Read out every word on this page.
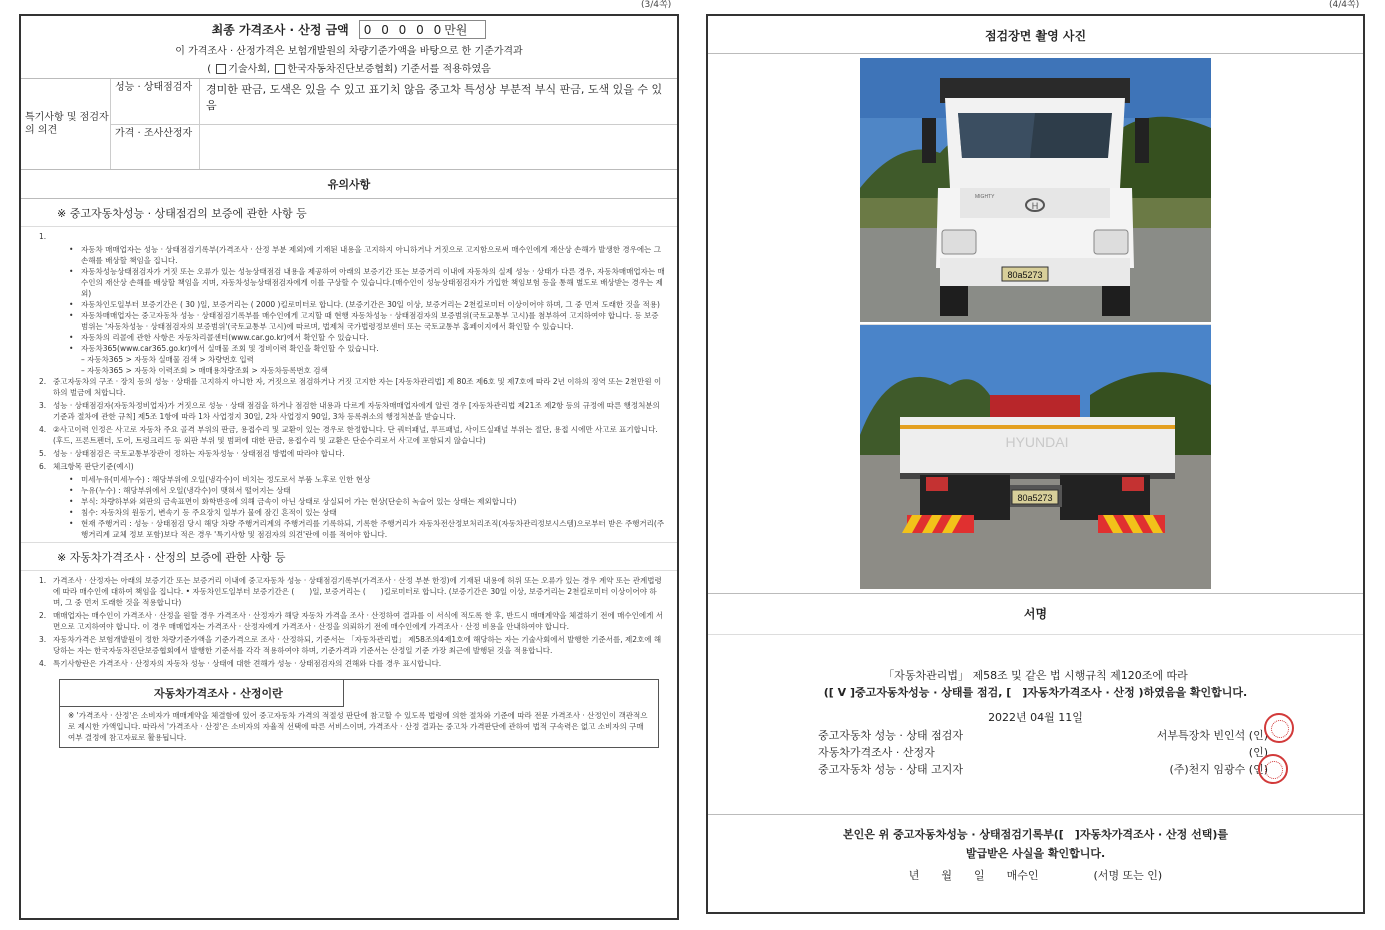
(3/4쪽)	(4/4쪽)
최종 가격조사 · 산정 금액	0 0 0 0 0만원
이 가격조사 · 산정가격은 보험개발원의 차량기준가액을 바탕으로 한 기준가격과
( 기술사회, 한국자동차진단보증협회) 기준서를 적용하였음
특기사항 및 점검자의 의견
성능 · 상태점검자	경미한 판금, 도색은 있을 수 있고 표기치 않음 중고차 특성상 부분적 부식 판금, 도색 있을 수 있음
가격 · 조사산정자
유의사항
※ 중고자동차성능 · 상태점검의 보증에 관한 사항 등
1.
•	자동차 매매업자는 성능 · 상태점검기록부(가격조사 · 산정 부분 제외)에 기재된 내용을 고지하지 아니하거나 거짓으로 고지함으로써 매수인에게 재산상 손해가 발생한 경우에는 그 손해를 배상할 책임을 집니다.
•	자동차성능상태점검자가 거짓 또는 오류가 있는 성능상태점검 내용을 제공하여 아래의 보증기간 또는 보증거리 이내에 자동차의 실제 성능 · 상태가 다른 경우, 자동차매매업자는 매수인의 재산상 손해를 배상할 책임을 지며, 자동차성능상태점검자에게 이를 구상할 수 있습니다.(매수인이 성능상태점검자가 가입한 책임보험 등을 통해 별도로 배상받는 경우는 제외)
•	자동차인도일부터 보증기간은 ( 30 )일, 보증거리는 ( 2000 )킬로미터로 합니다. (보증기간은 30일 이상, 보증거리는 2천킬로미터 이상이어야 하며, 그 중 먼저 도래한 것을 적용)
•	자동차매매업자는 중고자동차 성능 · 상태점검기록부를 매수인에게 고지할 때 현행 자동차성능 · 상태점검자의 보증범위(국토교통부 고시)를 첨부하여 고지하여야 합니다. 등 보증범위는 '자동차성능 · 상태점검자의 보증범위'(국토교통부 고시)에 따르며, 법제처 국가법령정보센터 또는 국토교통부 홈페이지에서 확인할 수 있습니다.
•	자동차의 리콜에 관한 사항은 자동차리콜센터(www.car.go.kr)에서 확인할 수 있습니다.
•	자동차365(www.car365.go.kr)에서 실매물 조회 및 정비이력 확인을 확인할 수 있습니다.
– 자동차365 > 자동차 실매물 검색 > 차량번호 입력
– 자동차365 > 자동차 이력조회 > 매매용차량조회 > 자동차등록번호 검색
2. 중고자동차의 구조 · 장치 등의 성능 · 상태를 고지하지 아니한 자, 거짓으로 점검하거나 거짓 고지한 자는 [자동차관리법] 제 80조 제6호 및 제7호에 따라 2년 이하의 징역 또는 2천만원 이하의 벌금에 처합니다.
3. 성능 · 상태점검자(자동차정비업자)가 거짓으로 성능 · 상태 점검을 하거나 점검한 내용과 다르게 자동차매매업자에게 알린 경우 [자동차관리법 제21조 제2항 등의 규정에 따른 행정처분의 기준과 절차에 관한 규칙] 제5조 1항에 따라 1차 사업정지 30일, 2차 사업정지 90일, 3차 등록취소의 행정처분을 받습니다.
4. ②사고이력 인정은 사고로 자동차 주요 골격 부위의 판금, 용접수리 및 교환이 있는 경우로 한정합니다. 단 쿼터패널, 루프패널, 사이드실패널 부위는 절단, 용접 시에만 사고로 표기합니다. (후드, 프론트펜더, 도어, 트렁크리드 등 외판 부위 및 범퍼에 대한 판금, 용접수리 및 교환은 단순수리로서 사고에 포함되지 않습니다)
5. 성능 · 상태점검은 국토교통부장관이 정하는 자동차성능 · 상태점검 방법에 따라야 합니다.
6. 체크항목 판단기준(예시)
•	미세누유(미세누수) : 해당부위에 오일(냉각수)이 비치는 정도로서 부품 노후로 인한 현상
•	누유(누수) : 해당부위에서 오일(냉각수)이 맺혀서 떨어지는 상태
•	부식: 차량하부와 외판의 금속표면이 화학반응에 의해 금속이 아닌 상태로 상실되어 가는 현상(단순히 녹슬어 있는 상태는 제외합니다)
•	침수: 자동차의 원동기, 변속기 등 주요장치 일부가 물에 잠긴 흔적이 있는 상태
•	현재 주행거리 : 성능 · 상태점검 당시 해당 차량 주행거리계의 주행거리를 기록하되, 기록한 주행거리가 자동차전산정보처리조직(자동차관리정보시스템)으로부터 받은 주행거리(주행거리계 교체 정보 포함)보다 적은 경우 '특기사항 및 점검자의 의견'란에 이를 적어야 합니다.
※ 자동차가격조사 · 산정의 보증에 관한 사항 등
1. 가격조사 · 산정자는 아래의 보증기간 또는 보증거리 이내에 중고자동차 성능 · 상태점검기록부(가격조사 · 산정 부분 한정)에 기재된 내용에 허위 또는 오류가 있는 경우 계약 또는 관계법령에 따라 매수인에 대하여 책임을 집니다. • 자동차인도일부터 보증기간은 (　　)일, 보증거리는 (　　)킬로미터로 합니다. (보증기간은 30일 이상, 보증거리는 2천킬로미터 이상이어야 하며, 그 중 먼저 도래한 것을 적용합니다)
2. 매매업자는 매수인이 가격조사 · 산정을 원할 경우 가격조사 · 산정자가 해당 자동차 가격을 조사 · 산정하여 결과를 이 서식에 적도록 한 후, 반드시 매매계약을 체결하기 전에 매수인에게 서면으로 고지하여야 합니다. 이 경우 매매업자는 가격조사 · 산정자에게 가격조사 · 산정을 의뢰하기 전에 매수인에게 가격조사 · 산정 비용을 안내하여야 합니다.
3. 자동차가격은 보험개발원이 정한 차량기준가액을 기준가격으로 조사 · 산정하되, 기준서는 「자동차관리법」 제58조의4제1호에 해당하는 자는 기술사회에서 발행한 기준서를, 제2호에 해당하는 자는 한국자동차진단보증협회에서 발행한 기준서를 각각 적용하여야 하며, 기준가격과 기준서는 산정일 기준 가장 최근에 발행된 것을 적용합니다.
4. 특기사항란은 가격조사 · 산정자의 자동차 성능 · 상태에 대한 견해가 성능 · 상태점검자의 견해와 다를 경우 표시합니다.
자동차가격조사 · 산정이란
※ '가격조사 · 산정'은 소비자가 매매계약을 체결함에 있어 중고자동차 가격의 적절성 판단에 참고할 수 있도록 법령에 의한 절차와 기준에 따라 전문 가격조사 · 산정인이 객관적으로 제시한 가액입니다. 따라서 '가격조사 · 산정'은 소비자의 자율적 선택에 따른 서비스이며, 가격조사 · 산정 결과는 중고차 가격판단에 관하여 법적 구속력은 없고 소비자의 구매여부 결정에 참고자료로 활용됩니다.
점검장면 촬영 사진
H
MIGHTY
80a5273
HYUNDAI
80a5273
서명
「자동차관리법」 제58조 및 같은 법 시행규칙 제120조에 따라
([ V ]중고자동차성능 · 상태를 점검, [　]자동차가격조사 · 산정 )하였음을 확인합니다.
2022년 04월 11일
중고자동차 성능 · 상태 점검자	서부특장차 빈인석 (인)
자동차가격조사 · 산정자	(인)
중고자동차 성능 · 상태 고지자	(주)천지 임광수 (인)
본인은 위 중고자동차성능 · 상태점검기록부([　]자동차가격조사 · 산정 선택)를
발급받은 사실을 확인합니다.
년　　월　　일　　매수인　　　　　(서명 또는 인)
